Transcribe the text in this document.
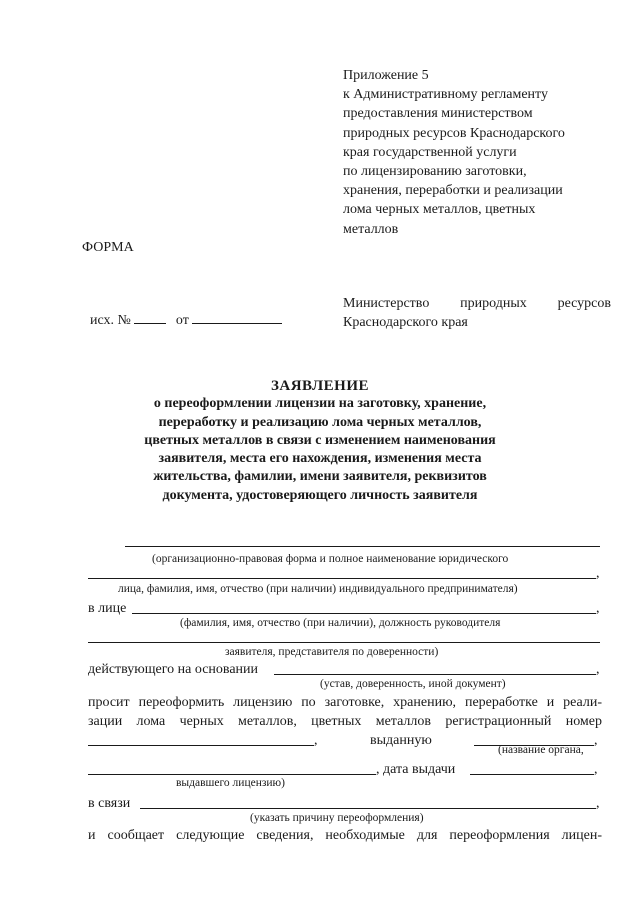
Приложение 5
к Административному регламенту
предоставления министерством
природных ресурсов Краснодарского
края государственной услуги
по лицензированию заготовки,
хранения, переработки и реализации
лома черных металлов, цветных
металлов
ФОРМА
исх. №	от
Министерство природных ресурсов
Краснодарского края
ЗАЯВЛЕНИЕ
о переоформлении лицензии на заготовку, хранение,
переработку и реализацию лома черных металлов,
цветных металлов в связи с изменением наименования
заявителя, места его нахождения, изменения места
жительства, фамилии, имени заявителя, реквизитов
документа, удостоверяющего личность заявителя
(организационно-правовая форма и полное наименование юридического
,
лица, фамилия, имя, отчество (при наличии) индивидуального предпринимателя)
в лице	,
(фамилия, имя, отчество (при наличии), должность руководителя
заявителя, представителя по доверенности)
действующего на основании	,
(устав, доверенность, иной документ)
просит переоформить лицензию по заготовке, хранению, переработке и реали-
зации лома черных металлов, цветных металлов регистрационный номер
,	выданную	,
(название органа,
, дата выдачи	,
выдавшего лицензию)
в связи	,
(указать причину переоформления)
и сообщает следующие сведения, необходимые для переоформления лицен-
